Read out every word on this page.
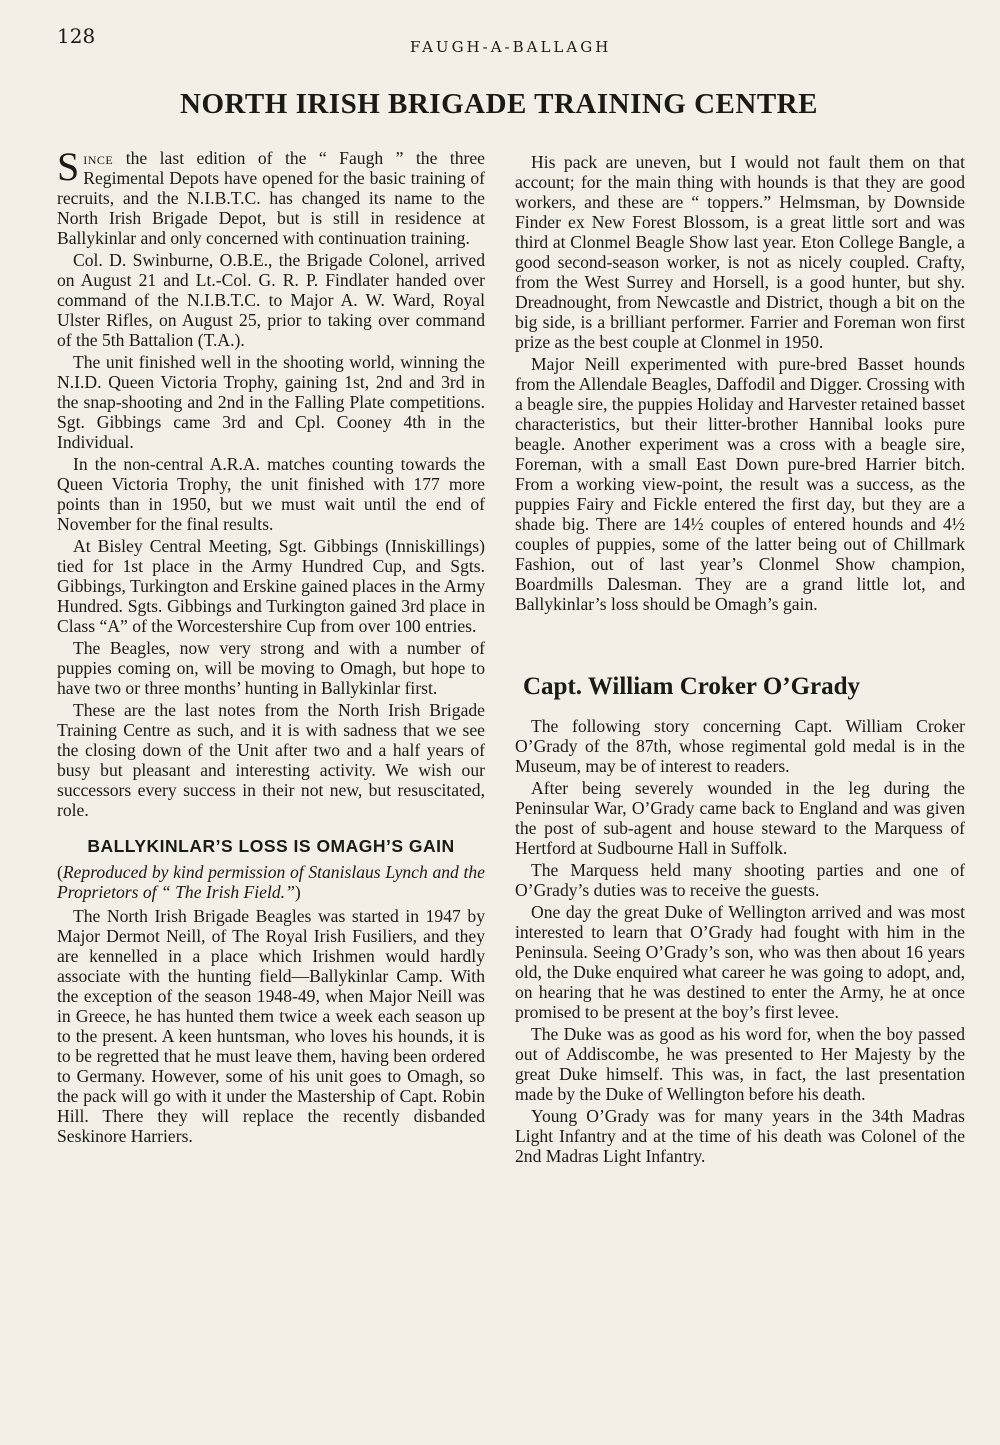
128	FAUGH-A-BALLAGH
NORTH IRISH BRIGADE TRAINING CENTRE

Since the last edition of the “ Faugh ” the three Regimental Depots have opened for the basic training of recruits, and the N.I.B.T.C. has changed its name to the North Irish Brigade Depot, but is still in residence at Ballykinlar and only concerned with continuation training.

Col. D. Swinburne, O.B.E., the Brigade Colonel, arrived on August 21 and Lt.-Col. G. R. P. Findlater handed over command of the N.I.B.T.C. to Major A. W. Ward, Royal Ulster Rifles, on August 25, prior to taking over command of the 5th Battalion (T.A.).

The unit finished well in the shooting world, winning the N.I.D. Queen Victoria Trophy, gaining 1st, 2nd and 3rd in the snap-shooting and 2nd in the Falling Plate competitions. Sgt. Gibbings came 3rd and Cpl. Cooney 4th in the Individual.

In the non-central A.R.A. matches counting towards the Queen Victoria Trophy, the unit finished with 177 more points than in 1950, but we must wait until the end of November for the final results.

At Bisley Central Meeting, Sgt. Gibbings (Inniskillings) tied for 1st place in the Army Hundred Cup, and Sgts. Gibbings, Turkington and Erskine gained places in the Army Hundred. Sgts. Gibbings and Turkington gained 3rd place in Class “A” of the Worcestershire Cup from over 100 entries.

The Beagles, now very strong and with a number of puppies coming on, will be moving to Omagh, but hope to have two or three months’ hunting in Ballykinlar first.

These are the last notes from the North Irish Brigade Training Centre as such, and it is with sadness that we see the closing down of the Unit after two and a half years of busy but pleasant and interesting activity. We wish our successors every success in their not new, but resuscitated, role.

BALLYKINLAR’S LOSS IS OMAGH’S GAIN

(Reproduced by kind permission of Stanislaus Lynch and the Proprietors of “ The Irish Field.”)

The North Irish Brigade Beagles was started in 1947 by Major Dermot Neill, of The Royal Irish Fusiliers, and they are kennelled in a place which Irishmen would hardly associate with the hunting field—Ballykinlar Camp. With the exception of the season 1948-49, when Major Neill was in Greece, he has hunted them twice a week each season up to the present. A keen huntsman, who loves his hounds, it is to be regretted that he must leave them, having been ordered to Germany. However, some of his unit goes to Omagh, so the pack will go with it under the Mastership of Capt. Robin Hill. There they will replace the recently disbanded Seskinore Harriers.

His pack are uneven, but I would not fault them on that account; for the main thing with hounds is that they are good workers, and these are “ toppers.” Helmsman, by Downside Finder ex New Forest Blossom, is a great little sort and was third at Clonmel Beagle Show last year. Eton College Bangle, a good second-season worker, is not as nicely coupled. Crafty, from the West Surrey and Horsell, is a good hunter, but shy. Dreadnought, from Newcastle and District, though a bit on the big side, is a brilliant performer. Farrier and Foreman won first prize as the best couple at Clonmel in 1950.

Major Neill experimented with pure-bred Basset hounds from the Allendale Beagles, Daffodil and Digger. Crossing with a beagle sire, the puppies Holiday and Harvester retained basset characteristics, but their litter-brother Hannibal looks pure beagle. Another experiment was a cross with a beagle sire, Foreman, with a small East Down pure-bred Harrier bitch. From a working view-point, the result was a success, as the puppies Fairy and Fickle entered the first day, but they are a shade big. There are 14½ couples of entered hounds and 4½ couples of puppies, some of the latter being out of Chillmark Fashion, out of last year’s Clonmel Show champion, Boardmills Dalesman. They are a grand little lot, and Ballykinlar’s loss should be Omagh’s gain.

Capt. William Croker O’Grady

The following story concerning Capt. William Croker O’Grady of the 87th, whose regimental gold medal is in the Museum, may be of interest to readers.

After being severely wounded in the leg during the Peninsular War, O’Grady came back to England and was given the post of sub-agent and house steward to the Marquess of Hertford at Sudbourne Hall in Suffolk.

The Marquess held many shooting parties and one of O’Grady’s duties was to receive the guests.

One day the great Duke of Wellington arrived and was most interested to learn that O’Grady had fought with him in the Peninsula. Seeing O’Grady’s son, who was then about 16 years old, the Duke enquired what career he was going to adopt, and, on hearing that he was destined to enter the Army, he at once promised to be present at the boy’s first levee.

The Duke was as good as his word for, when the boy passed out of Addiscombe, he was presented to Her Majesty by the great Duke himself. This was, in fact, the last presentation made by the Duke of Wellington before his death.

Young O’Grady was for many years in the 34th Madras Light Infantry and at the time of his death was Colonel of the 2nd Madras Light Infantry.
